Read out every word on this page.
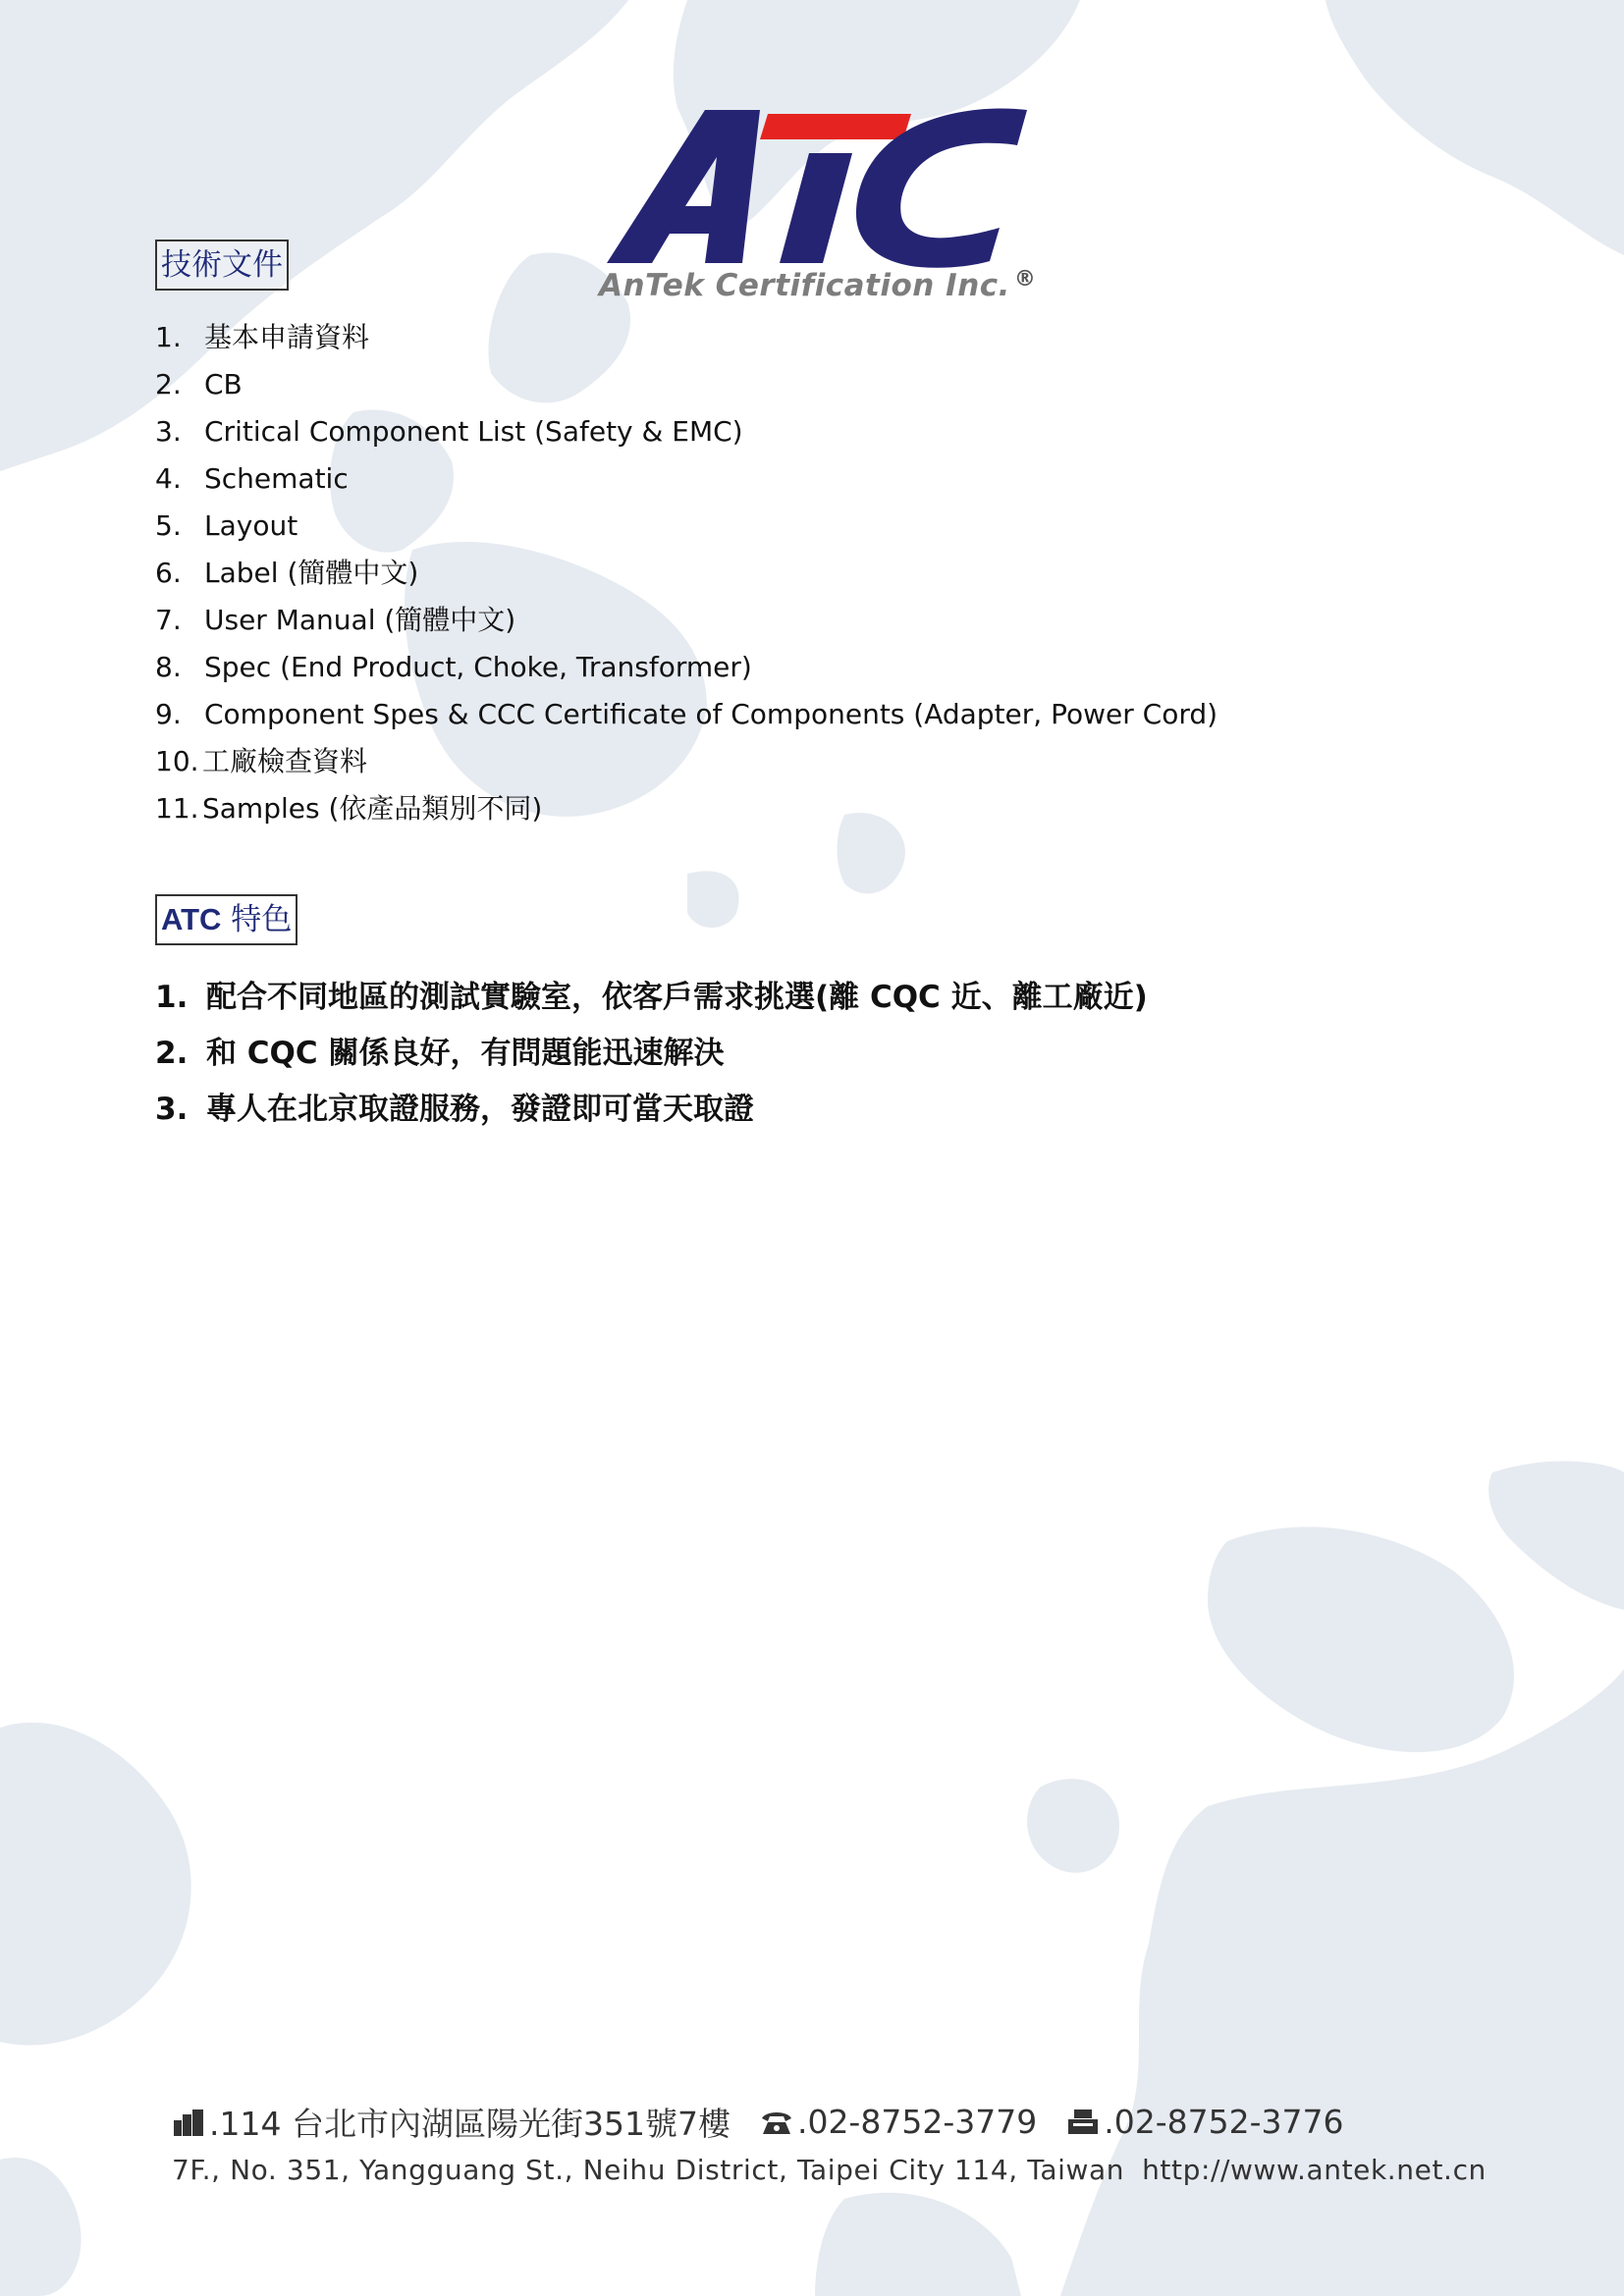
AnTek Certification Inc. ®
技術文件
1. 基本申請資料
2. CB
3. Critical Component List (Safety & EMC)
4. Schematic
5. Layout
6. Label (簡體中文)
7. User Manual (簡體中文)
8. Spec (End Product, Choke, Transformer)
9. Component Spes & CCC Certificate of Components (Adapter, Power Cord)
10. 工廠檢查資料
11. Samples (依產品類別不同)
ATC 特色
1. 配合不同地區的測試實驗室，依客戶需求挑選(離 CQC 近、離工廠近)
2. 和 CQC 關係良好，有問題能迅速解決
3. 專人在北京取證服務，發證即可當天取證
.114 台北市內湖區陽光街351號7樓 .02-8752-3779 .02-8752-3776
7F., No. 351, Yangguang St., Neihu District, Taipei City 114, Taiwan http://www.antek.net.cn
